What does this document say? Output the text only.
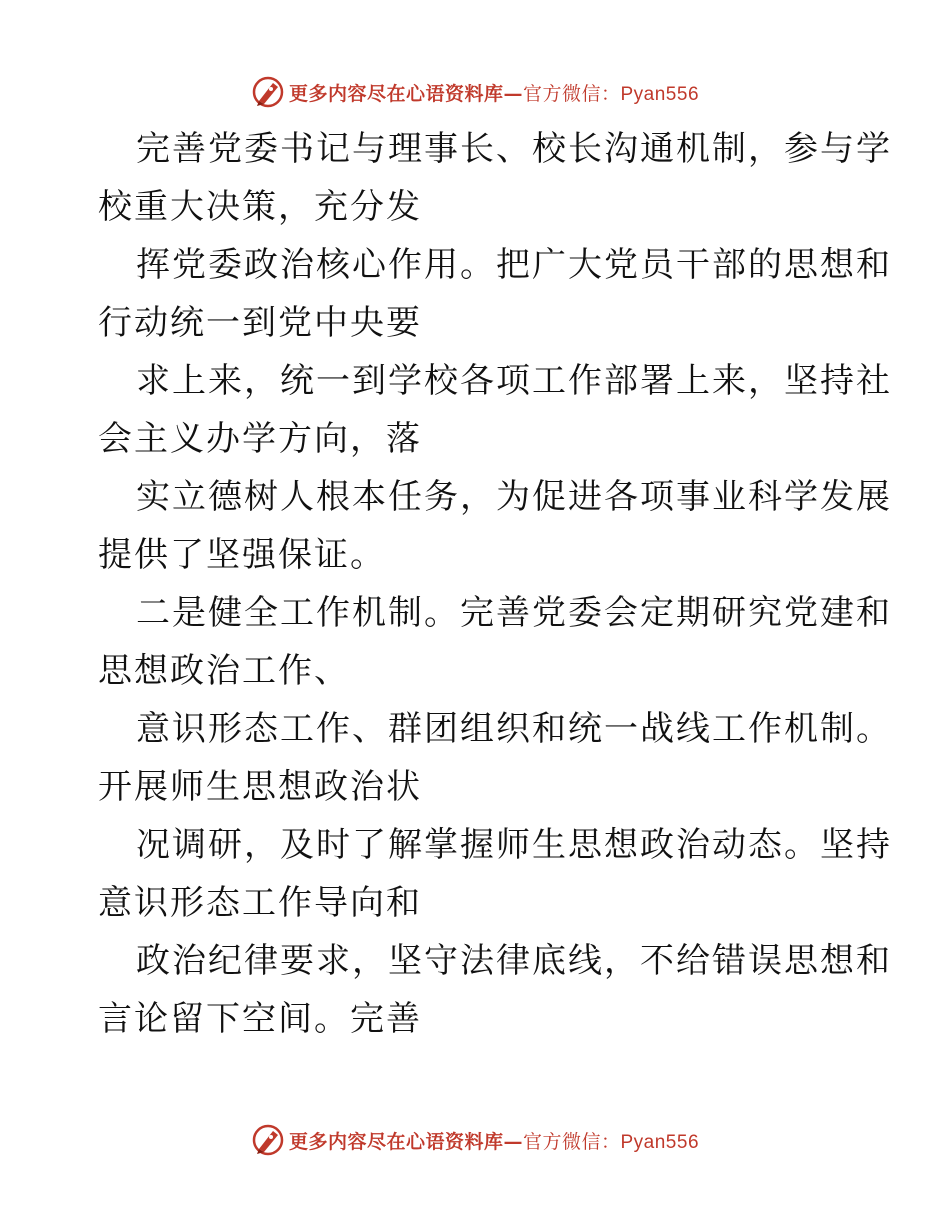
更多内容尽在心语资料库— 官方微信：Pyan556
完善党委书记与理事长、校长沟通机制，参与学
校重大决策，充分发
挥党委政治核心作用。把广大党员干部的思想和
行动统一到党中央要
求上来，统一到学校各项工作部署上来，坚持社
会主义办学方向，落
实立德树人根本任务，为促进各项事业科学发展
提供了坚强保证。
二是健全工作机制。完善党委会定期研究党建和
思想政治工作、
意识形态工作、群团组织和统一战线工作机制。
开展师生思想政治状
况调研，及时了解掌握师生思想政治动态。坚持
意识形态工作导向和
政治纪律要求，坚守法律底线，不给错误思想和
言论留下空间。完善
更多内容尽在心语资料库— 官方微信：Pyan556
